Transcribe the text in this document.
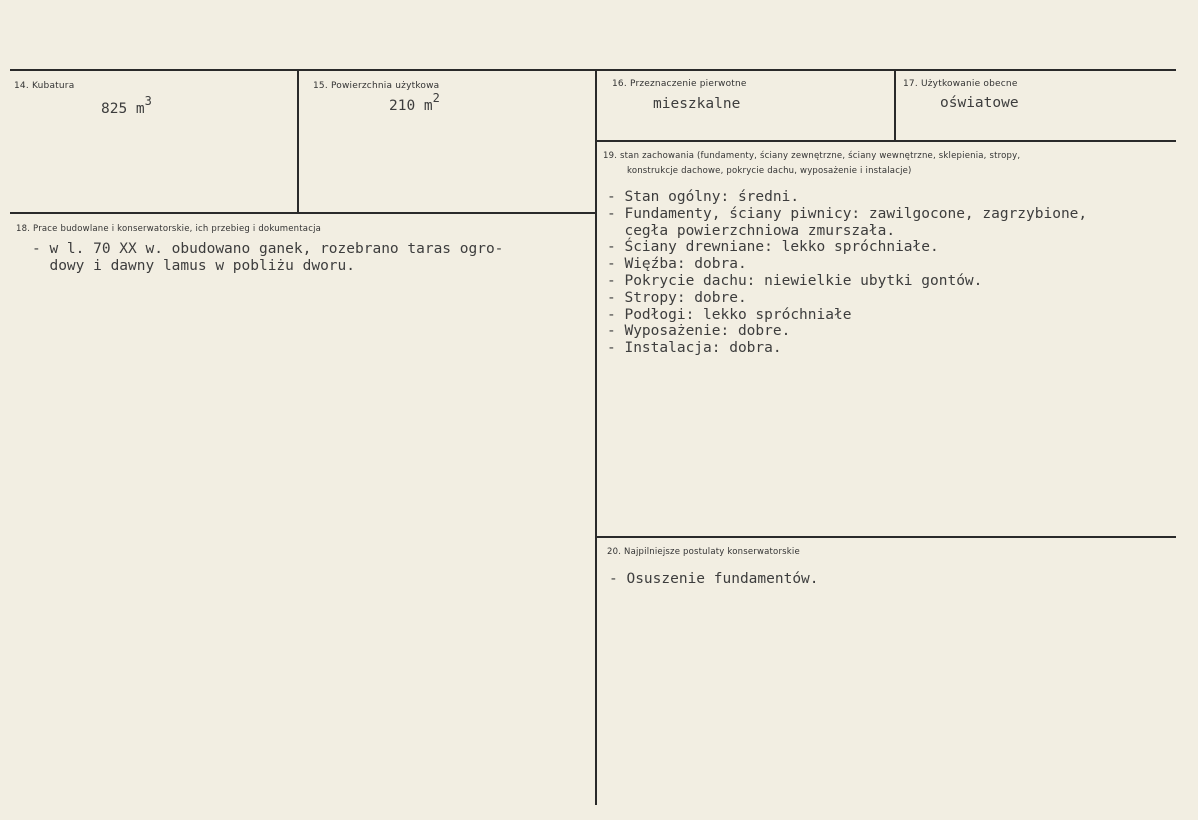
14. Kubatura
825 $m^3$
15. Powierzchnia użytkowa
210 $m^2$
16. Przeznaczenie pierwotne
mieszkalne
17. Użytkowanie obecne
oświatowe
18. Prace budowlane i konserwatorskie, ich przebieg i dokumentacja
- w l. 70 XX w. obudowano ganek, rozebrano taras ogro-
dowy i dawny lamus w pobliżu dworu.
19. stan zachowania (fundamenty, ściany zewnętrzne, ściany wewnętrzne, sklepienia, stropy,
konstrukcje dachowe, pokrycie dachu, wyposażenie i instalacje)
- Stan ogólny: średni.
- Fundamenty, ściany piwnicy: zawilgocone, zagrzybione,
cegła powierzchniowa zmurszała.
- Ściany drewniane: lekko spróchniałe.
- Więźba: dobra.
- Pokrycie dachu: niewielkie ubytki gontów.
- Stropy: dobre.
- Podłogi: lekko spróchniałe
- Wyposażenie: dobre.
- Instalacja: dobra.
20. Najpilniejsze postulaty konserwatorskie
- Osuszenie fundamentów.
